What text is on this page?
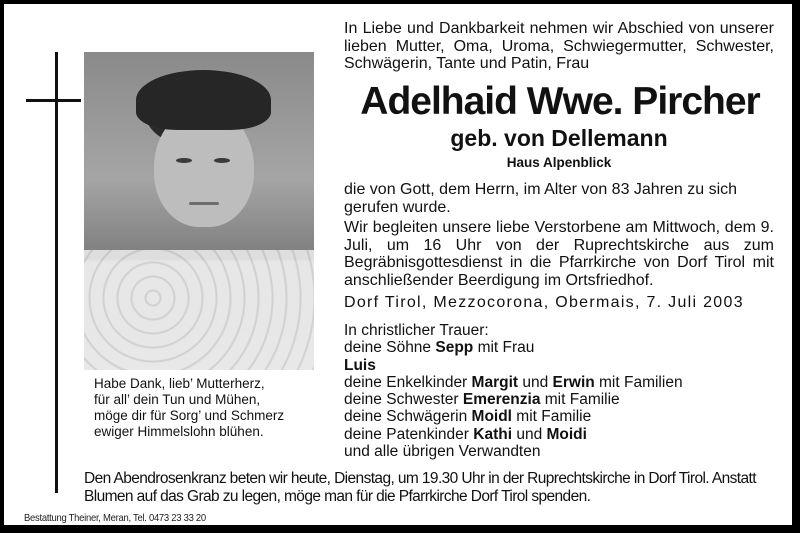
Habe Dank, lieb’ Mutterherz,
für all’ dein Tun und Mühen,
möge dir für Sorg’ und Schmerz
ewiger Himmelslohn blühen.
In Liebe und Dankbarkeit nehmen wir Abschied von unserer lieben Mutter, Oma, Uroma, Schwiegermutter, Schwester, Schwägerin, Tante und Patin, Frau
Adelhaid Wwe. Pircher
geb. von Dellemann
Haus Alpenblick
die von Gott, dem Herrn, im Alter von 83 Jahren zu sich gerufen wurde.
Wir begleiten unsere liebe Verstorbene am Mittwoch, dem 9. Juli, um 16 Uhr von der Ruprechtskirche aus zum Begräbnisgottesdienst in die Pfarrkirche von Dorf Tirol mit anschließender Beerdigung im Ortsfriedhof.
Dorf Tirol, Mezzocorona, Obermais, 7. Juli 2003
In christlicher Trauer:
deine Söhne Sepp mit Frau
Luis
deine Enkelkinder Margit und Erwin mit Familien
deine Schwester Emerenzia mit Familie
deine Schwägerin Moidl mit Familie
deine Patenkinder Kathi und Moidi
und alle übrigen Verwandten
Den Abendrosenkranz beten wir heute, Dienstag, um 19.30 Uhr in der Ruprechtskirche in Dorf Tirol. Anstatt Blumen auf das Grab zu legen, möge man für die Pfarrkirche Dorf Tirol spenden.
Bestattung Theiner, Meran, Tel. 0473 23 33 20
